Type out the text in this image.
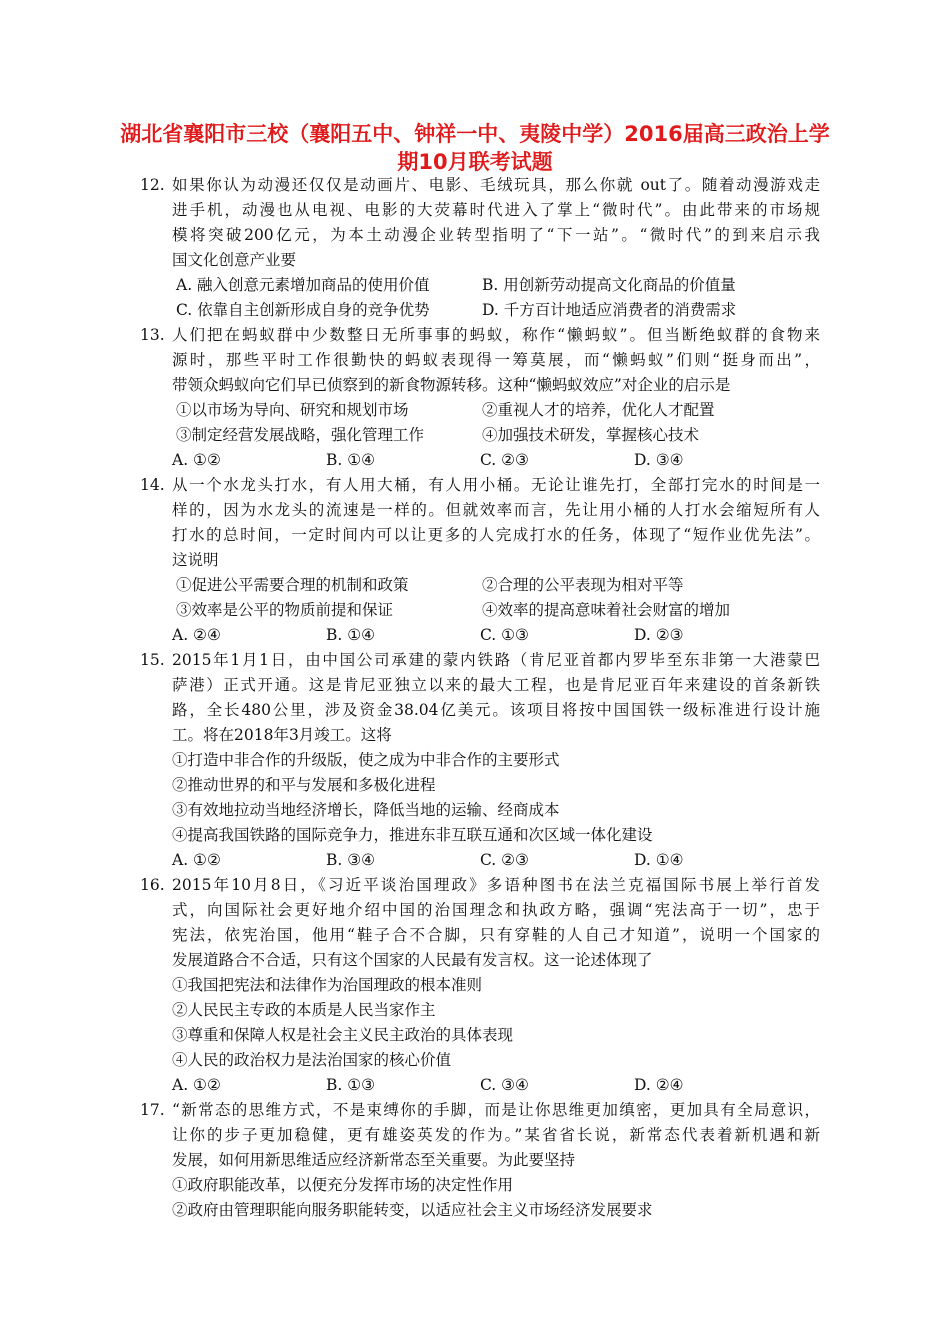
湖北省襄阳市三校（襄阳五中、钟祥一中、夷陵中学）2016届高三政治上学期10月联考试题
12. 如果你认为动漫还仅仅是动画片、电影、毛绒玩具，那么你就 out了。随着动漫游戏走
进手机，动漫也从电视、电影的大荧幕时代进入了掌上“微时代”。由此带来的市场规
模将突破200亿元，为本土动漫企业转型指明了“下一站”。“微时代”的到来启示我
国文化创意产业要
A. 融入创意元素增加商品的使用价值	B. 用创新劳动提高文化商品的价值量
C. 依靠自主创新形成自身的竞争优势	D. 千方百计地适应消费者的消费需求
13. 人们把在蚂蚁群中少数整日无所事事的蚂蚁，称作“懒蚂蚁”。但当断绝蚁群的食物来
源时，那些平时工作很勤快的蚂蚁表现得一筹莫展，而“懒蚂蚁”们则“挺身而出”，
带领众蚂蚁向它们早已侦察到的新食物源转移。这种“懒蚂蚁效应”对企业的启示是
①以市场为导向、研究和规划市场	②重视人才的培养，优化人才配置
③制定经营发展战略，强化管理工作	④加强技术研发，掌握核心技术
A. ①②	B. ①④	C. ②③	D. ③④
14. 从一个水龙头打水，有人用大桶，有人用小桶。无论让谁先打，全部打完水的时间是一
样的，因为水龙头的流速是一样的。但就效率而言，先让用小桶的人打水会缩短所有人
打水的总时间，一定时间内可以让更多的人完成打水的任务，体现了“短作业优先法”。
这说明
①促进公平需要合理的机制和政策	②合理的公平表现为相对平等
③效率是公平的物质前提和保证	④效率的提高意味着社会财富的增加
A. ②④	B. ①④	C. ①③	D. ②③
15. 2015年1月1日，由中国公司承建的蒙内铁路（肯尼亚首都内罗毕至东非第一大港蒙巴
萨港）正式开通。这是肯尼亚独立以来的最大工程，也是肯尼亚百年来建设的首条新铁
路，全长480公里，涉及资金38.04亿美元。该项目将按中国国铁一级标准进行设计施
工。将在2018年3月竣工。这将
①打造中非合作的升级版，使之成为中非合作的主要形式
②推动世界的和平与发展和多极化进程
③有效地拉动当地经济增长，降低当地的运输、经商成本
④提高我国铁路的国际竞争力，推进东非互联互通和次区域一体化建设
A. ①②	B. ③④	C. ②③	D. ①④
16. 2015年10月8日，《习近平谈治国理政》多语种图书在法兰克福国际书展上举行首发
式，向国际社会更好地介绍中国的治国理念和执政方略，强调“宪法高于一切”，忠于
宪法，依宪治国，他用“鞋子合不合脚，只有穿鞋的人自己才知道”，说明一个国家的
发展道路合不合适，只有这个国家的人民最有发言权。这一论述体现了
①我国把宪法和法律作为治国理政的根本准则
②人民民主专政的本质是人民当家作主
③尊重和保障人权是社会主义民主政治的具体表现
④人民的政治权力是法治国家的核心价值
A. ①②	B. ①③	C. ③④	D. ②④
17. “新常态的思维方式，不是束缚你的手脚，而是让你思维更加缜密，更加具有全局意识，
让你的步子更加稳健，更有雄姿英发的作为。”某省省长说，新常态代表着新机遇和新
发展，如何用新思维适应经济新常态至关重要。为此要坚持
①政府职能改革，以便充分发挥市场的决定性作用
②政府由管理职能向服务职能转变，以适应社会主义市场经济发展要求
